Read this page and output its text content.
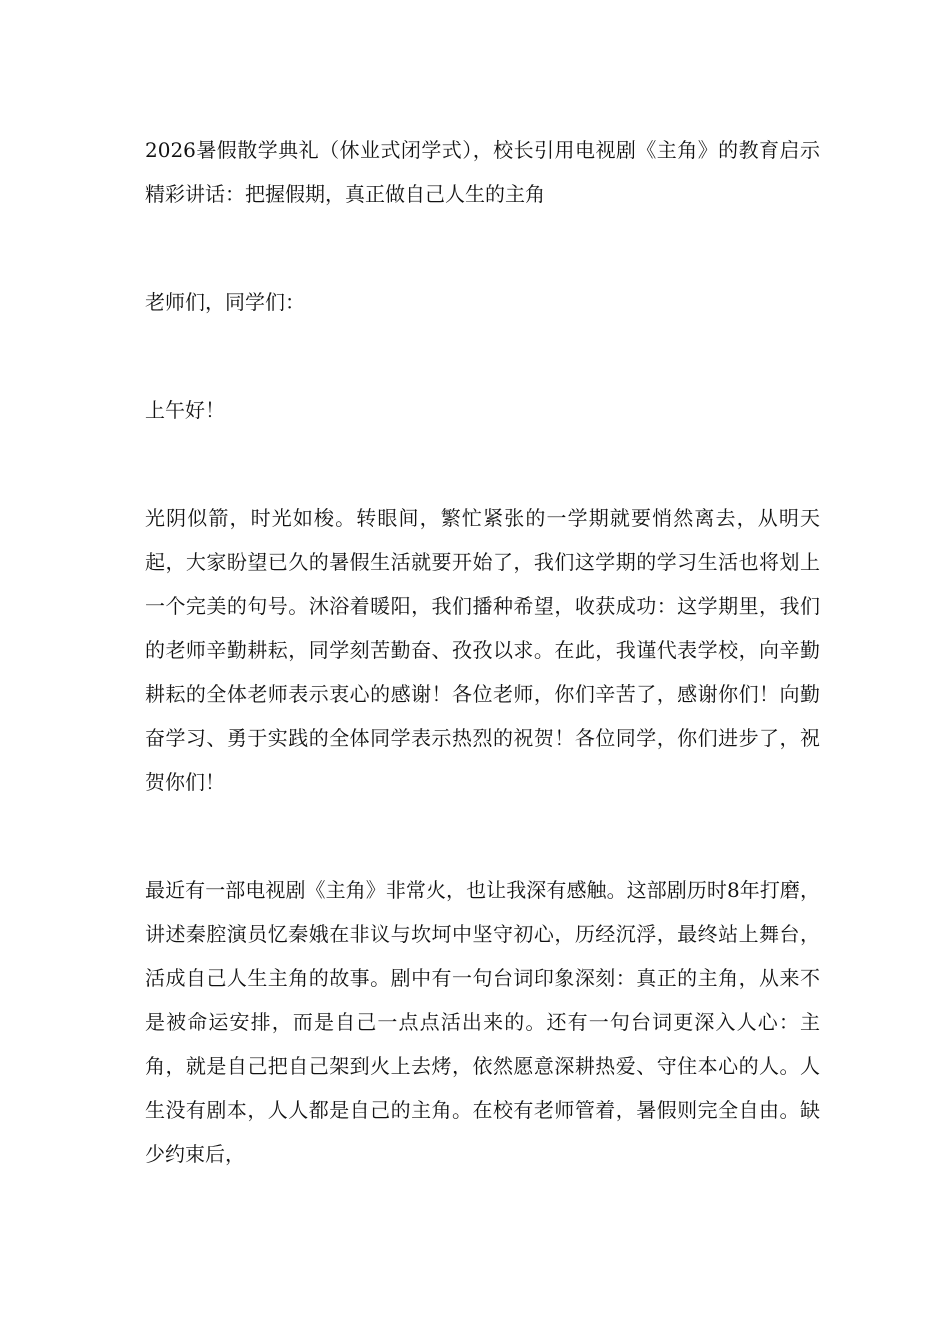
2026暑假散学典礼（休业式闭学式），校长引用电视剧《主角》的教育启示精彩讲话：把握假期，真正做自己人生的主角

老师们，同学们：

上午好！

光阴似箭，时光如梭。转眼间，繁忙紧张的一学期就要悄然离去，从明天起，大家盼望已久的暑假生活就要开始了，我们这学期的学习生活也将划上一个完美的句号。沐浴着暖阳，我们播种希望，收获成功：这学期里，我们的老师辛勤耕耘，同学刻苦勤奋、孜孜以求。在此，我谨代表学校，向辛勤耕耘的全体老师表示衷心的感谢！各位老师，你们辛苦了，感谢你们！向勤奋学习、勇于实践的全体同学表示热烈的祝贺！各位同学，你们进步了，祝贺你们！

最近有一部电视剧《主角》非常火，也让我深有感触。这部剧历时8年打磨，讲述秦腔演员忆秦娥在非议与坎坷中坚守初心，历经沉浮，最终站上舞台，活成自己人生主角的故事。剧中有一句台词印象深刻：真正的主角，从来不是被命运安排，而是自己一点点活出来的。还有一句台词更深入人心：主角，就是自己把自己架到火上去烤，依然愿意深耕热爱、守住本心的人。人生没有剧本，人人都是自己的主角。在校有老师管着，暑假则完全自由。缺少约束后，
